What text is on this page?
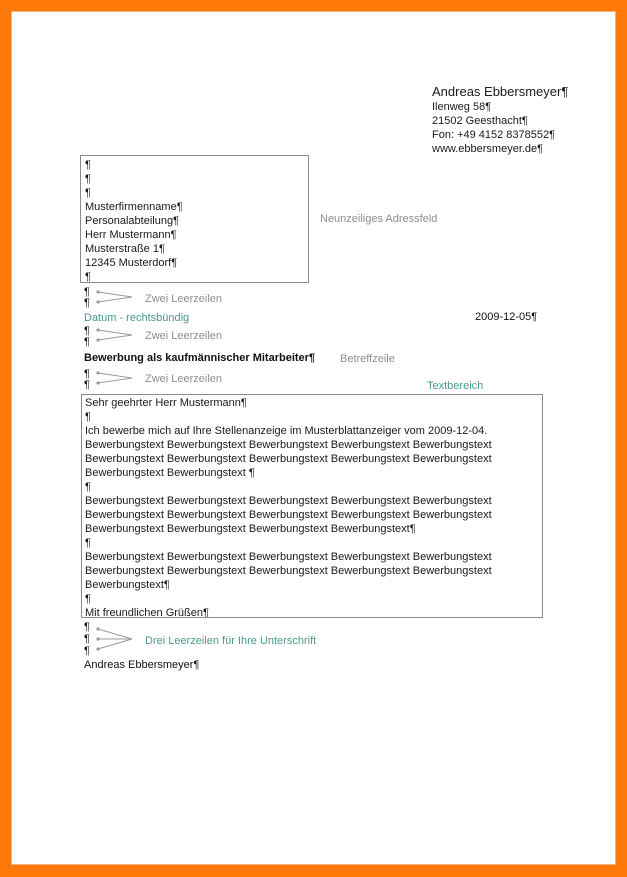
Andreas Ebbersmeyer¶
Ilenweg 58¶
21502 Geesthacht¶
Fon: +49 4152 8378552¶
www.ebbersmeyer.de¶
¶
¶
¶
Musterfirmenname¶
Personalabteilung¶
Herr Mustermann¶
Musterstraße 1¶
12345 Musterdorf¶
¶
Neunzeiliges Adressfeld
¶
¶	Zwei Leerzeilen
Datum - rechtsbündig	2009-12-05¶
¶
¶	Zwei Leerzeilen
Bewerbung als kaufmännischer Mitarbeiter¶ Betreffzeile
¶
¶	Zwei Leerzeilen
Textbereich
Sehr geehrter Herr Mustermann¶
¶
Ich bewerbe mich auf Ihre Stellenanzeige im Musterblattanzeiger vom 2009-12-04.
Bewerbungstext Bewerbungstext Bewerbungstext Bewerbungstext Bewerbungstext
Bewerbungstext Bewerbungstext Bewerbungstext Bewerbungstext Bewerbungstext
Bewerbungstext Bewerbungstext ¶
¶
Bewerbungstext Bewerbungstext Bewerbungstext Bewerbungstext Bewerbungstext
Bewerbungstext Bewerbungstext Bewerbungstext Bewerbungstext Bewerbungstext
Bewerbungstext Bewerbungstext Bewerbungstext Bewerbungstext¶
¶
Bewerbungstext Bewerbungstext Bewerbungstext Bewerbungstext Bewerbungstext
Bewerbungstext Bewerbungstext Bewerbungstext Bewerbungstext Bewerbungstext
Bewerbungstext¶
¶
Mit freundlichen Grüßen¶
¶
¶
¶
Drei Leerzeilen für Ihre Unterschrift
Andreas Ebbersmeyer¶
